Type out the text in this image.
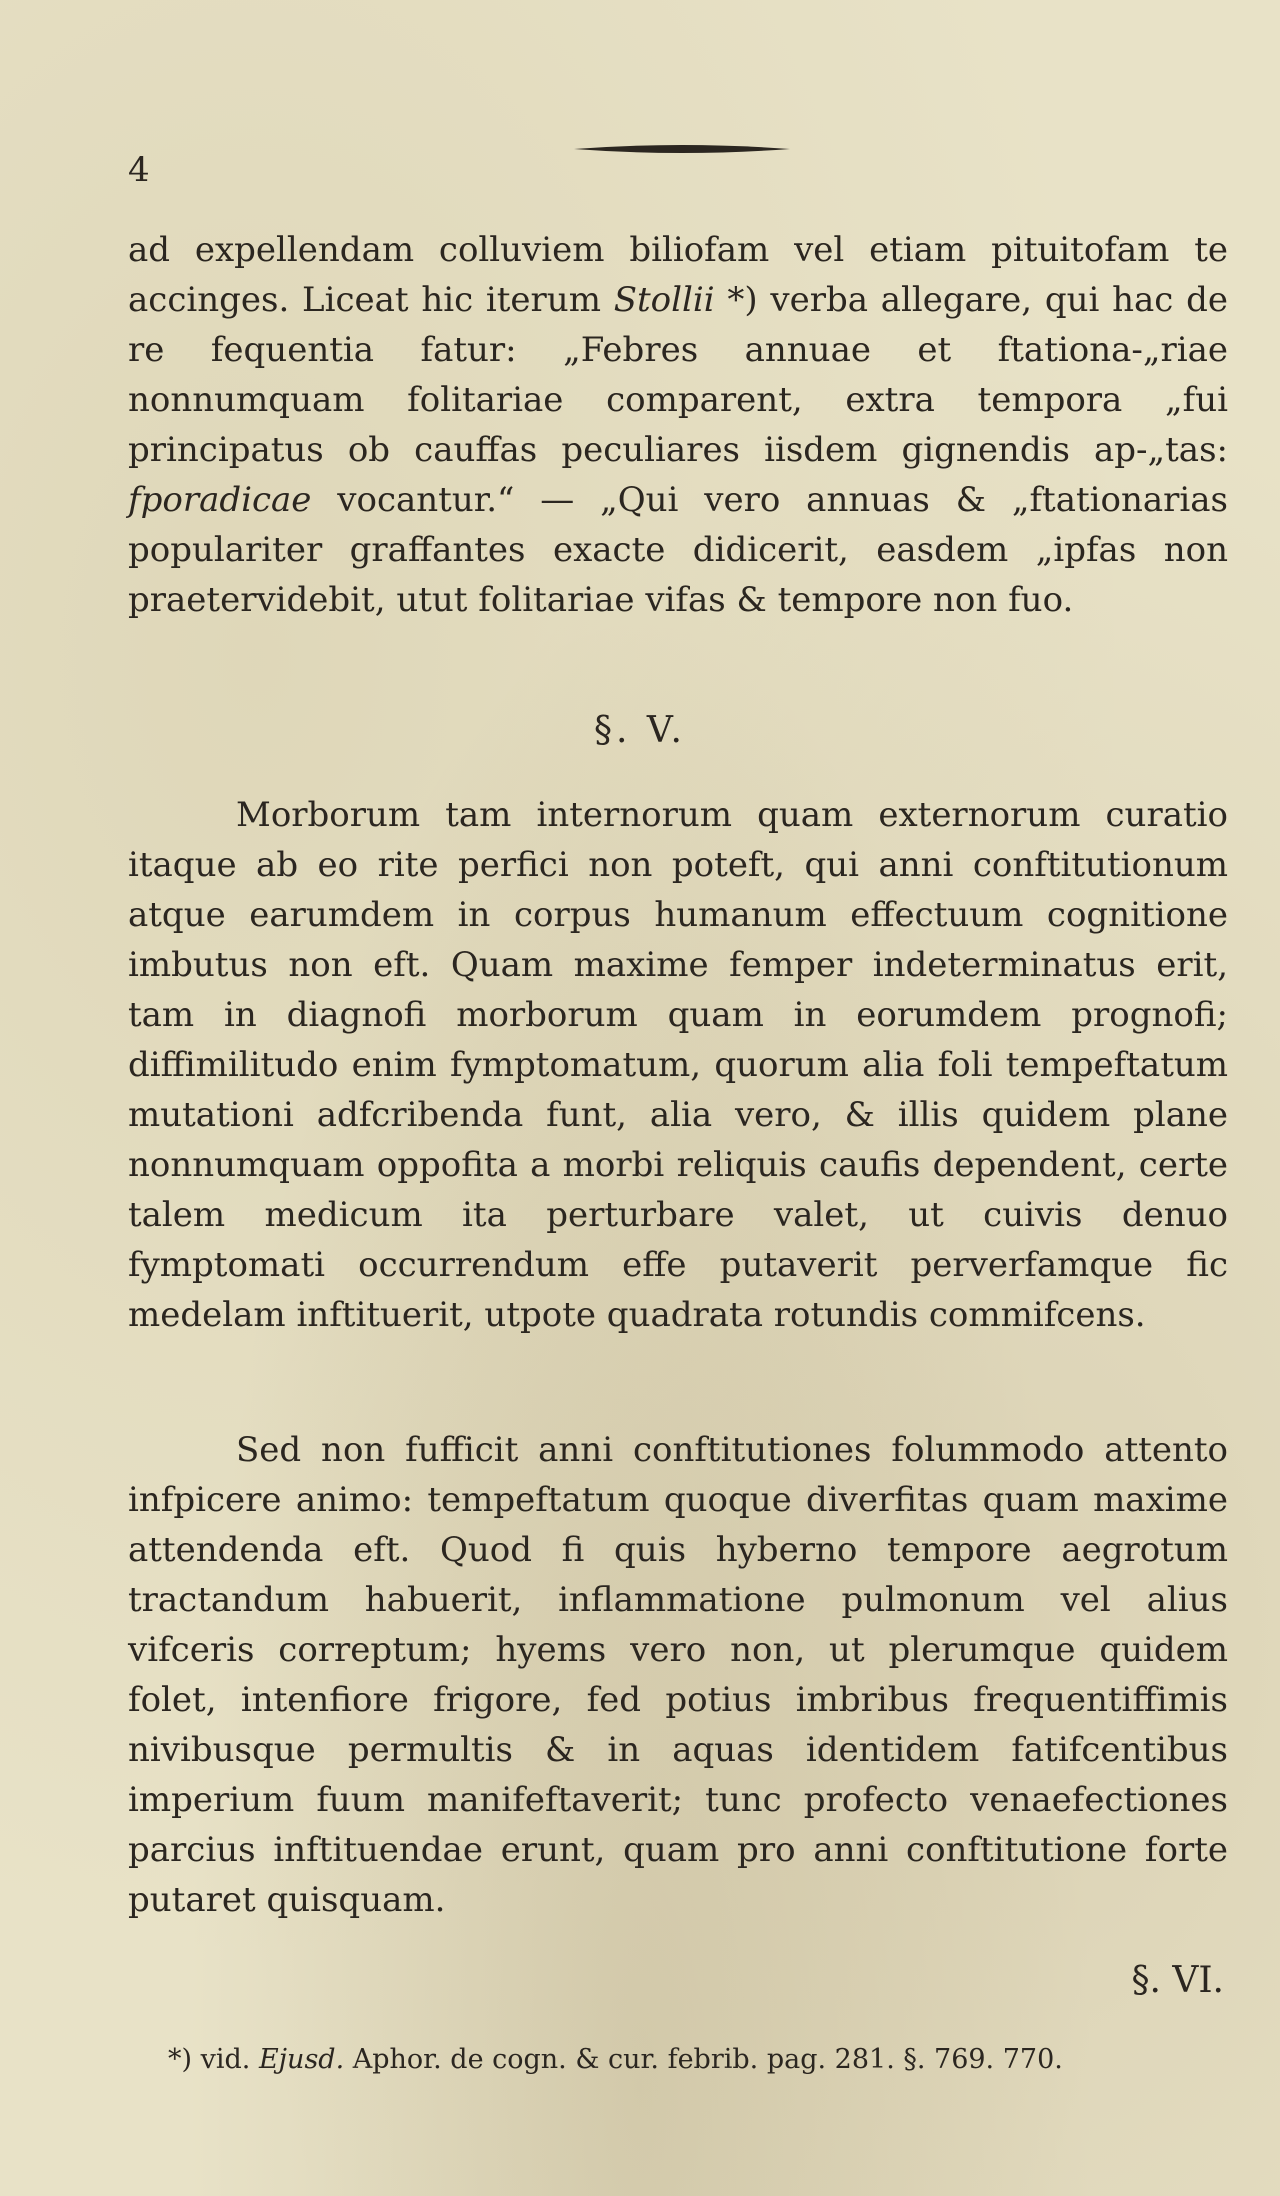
4

ad expellendam colluviem biliofam vel etiam pituitofam te accinges. Liceat hic iterum Stollii *) verba allegare, qui hac de re fequentia fatur: „Febres annuae et ftationa-„riae nonnumquam folitariae comparent, extra tempora „fui principatus ob cauffas peculiares iisdem gignendis ap-„tas: fporadicae vocantur.“ — „Qui vero annuas & „ftationarias populariter graffantes exacte didicerit, easdem „ipfas non praetervidebit, utut folitariae vifas & tempore non fuo.

§. V.

Morborum tam internorum quam externorum curatio itaque ab eo rite perfici non poteft, qui anni conftitutionum atque earumdem in corpus humanum effectuum cognitione imbutus non eft. Quam maxime femper indeterminatus erit, tam in diagnofi morborum quam in eorumdem prognofi; diffimilitudo enim fymptomatum, quorum alia foli tempeftatum mutationi adfcribenda funt, alia vero, & illis quidem plane nonnumquam oppofita a morbi reliquis caufis dependent, certe talem medicum ita perturbare valet, ut cuivis denuo fymptomati occurrendum effe putaverit perverfamque fic medelam inftituerit, utpote quadrata rotundis commifcens.

Sed non fufficit anni conftitutiones folummodo attento infpicere animo: tempeftatum quoque diverfitas quam maxime attendenda eft. Quod fi quis hyberno tempore aegrotum tractandum habuerit, inflammatione pulmonum vel alius vifceris correptum; hyems vero non, ut plerumque quidem folet, intenfiore frigore, fed potius imbribus frequentiffimis nivibusque permultis & in aquas identidem fatifcentibus imperium fuum manifeftaverit; tunc profecto venaefectiones parcius inftituendae erunt, quam pro anni conftitutione forte putaret quisquam.

§. VI.
*) vid. Ejusd. Aphor. de cogn. & cur. febrib. pag. 281. §. 769. 770.
